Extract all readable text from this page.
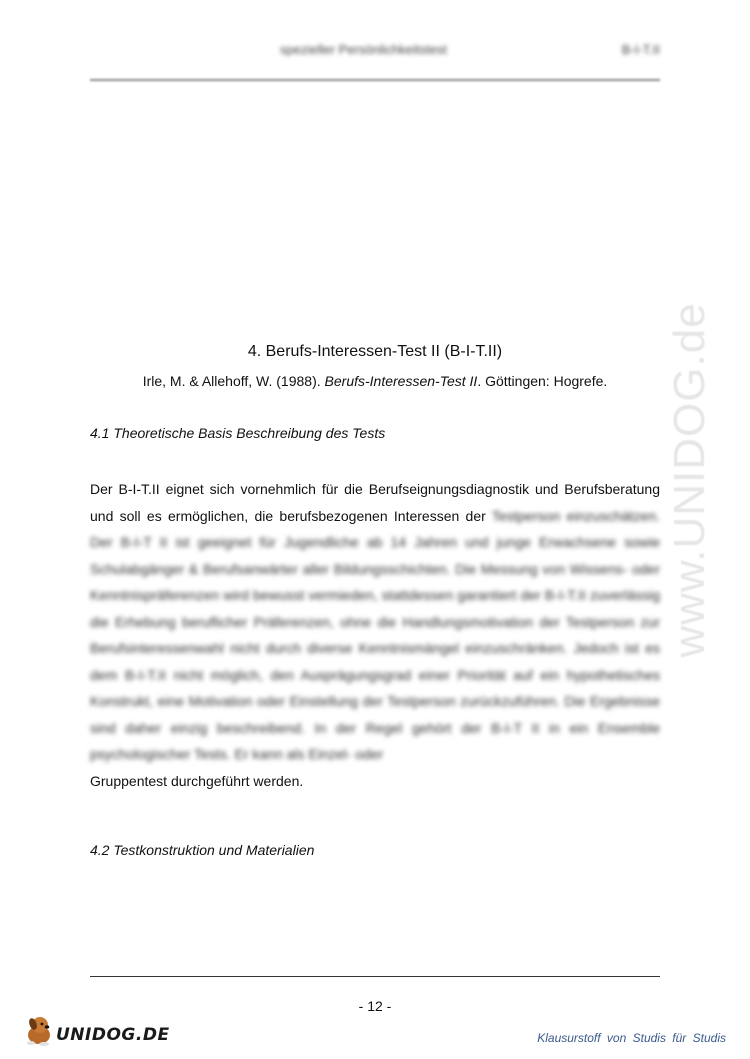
spezieller Persönlichkeitstest	B-I-T.II
www.UNIDOG.de
4. Berufs-Interessen-Test II (B-I-T.II)
Irle, M. & Allehoff, W. (1988). Berufs-Interessen-Test II. Göttingen: Hogrefe.
4.1 Theoretische Basis Beschreibung des Tests

Der B-I-T.II eignet sich vornehmlich für die Berufseignungsdiagnostik und Berufsberatung und soll es ermöglichen, die berufsbezogenen Interessen der Testperson einzuschätzen. Der B-I-T II ist geeignet für Jugendliche ab 14 Jahren und junge Erwachsene sowie Schulabgänger & Berufsanwärter aller Bildungsschichten. Die Messung von Wissens- oder Kenntnispräferenzen wird bewusst vermieden, stattdessen garantiert der B-I-T.II zuverlässig die Erhebung beruflicher Präferenzen, ohne die Handlungsmotivation der Testperson zur Berufsinteressenwahl nicht durch diverse Kenntnismängel einzuschränken. Jedoch ist es dem B-I-T.II nicht möglich, den Ausprägungsgrad einer Priorität auf ein hypothetisches Konstrukt, eine Motivation oder Einstellung der Testperson zurückzuführen. Die Ergebnisse sind daher einzig beschreibend. In der Regel gehört der B-I-T II in ein Ensemble psychologischer Tests. Er kann als Einzel- oder

Gruppentest durchgeführt werden.

4.2 Testkonstruktion und Materialien
- 12 -
UNIDOG.DE	Klausurstoff von Studis für Studis
